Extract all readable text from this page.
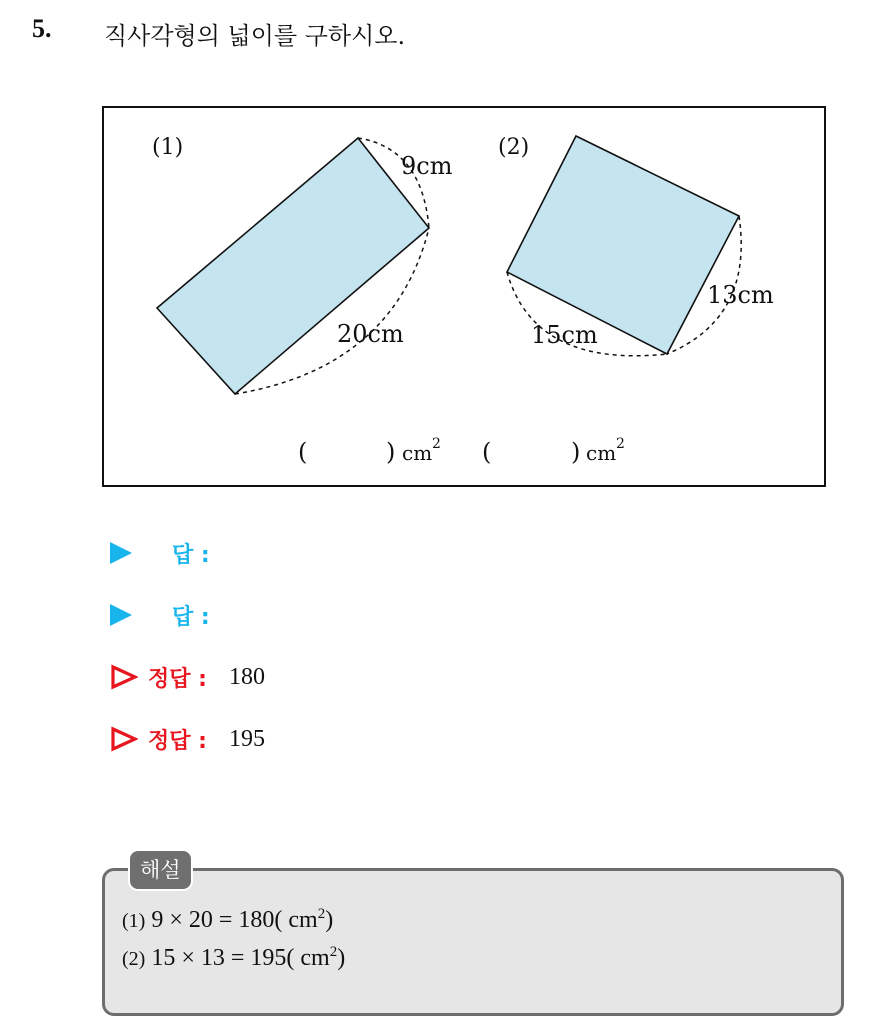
5. 직사각형의 넓이를 구하시오.
(1)
9cm
20cm
(2)
13cm
15cm
(	) cm 2 (	) cm 2
답 :
답 :
정답 : 180
정답 : 195
해설
(1) 9 × 20 = 180( $cm^2$)
(2) 15 × 13 = 195( $cm^2$)
